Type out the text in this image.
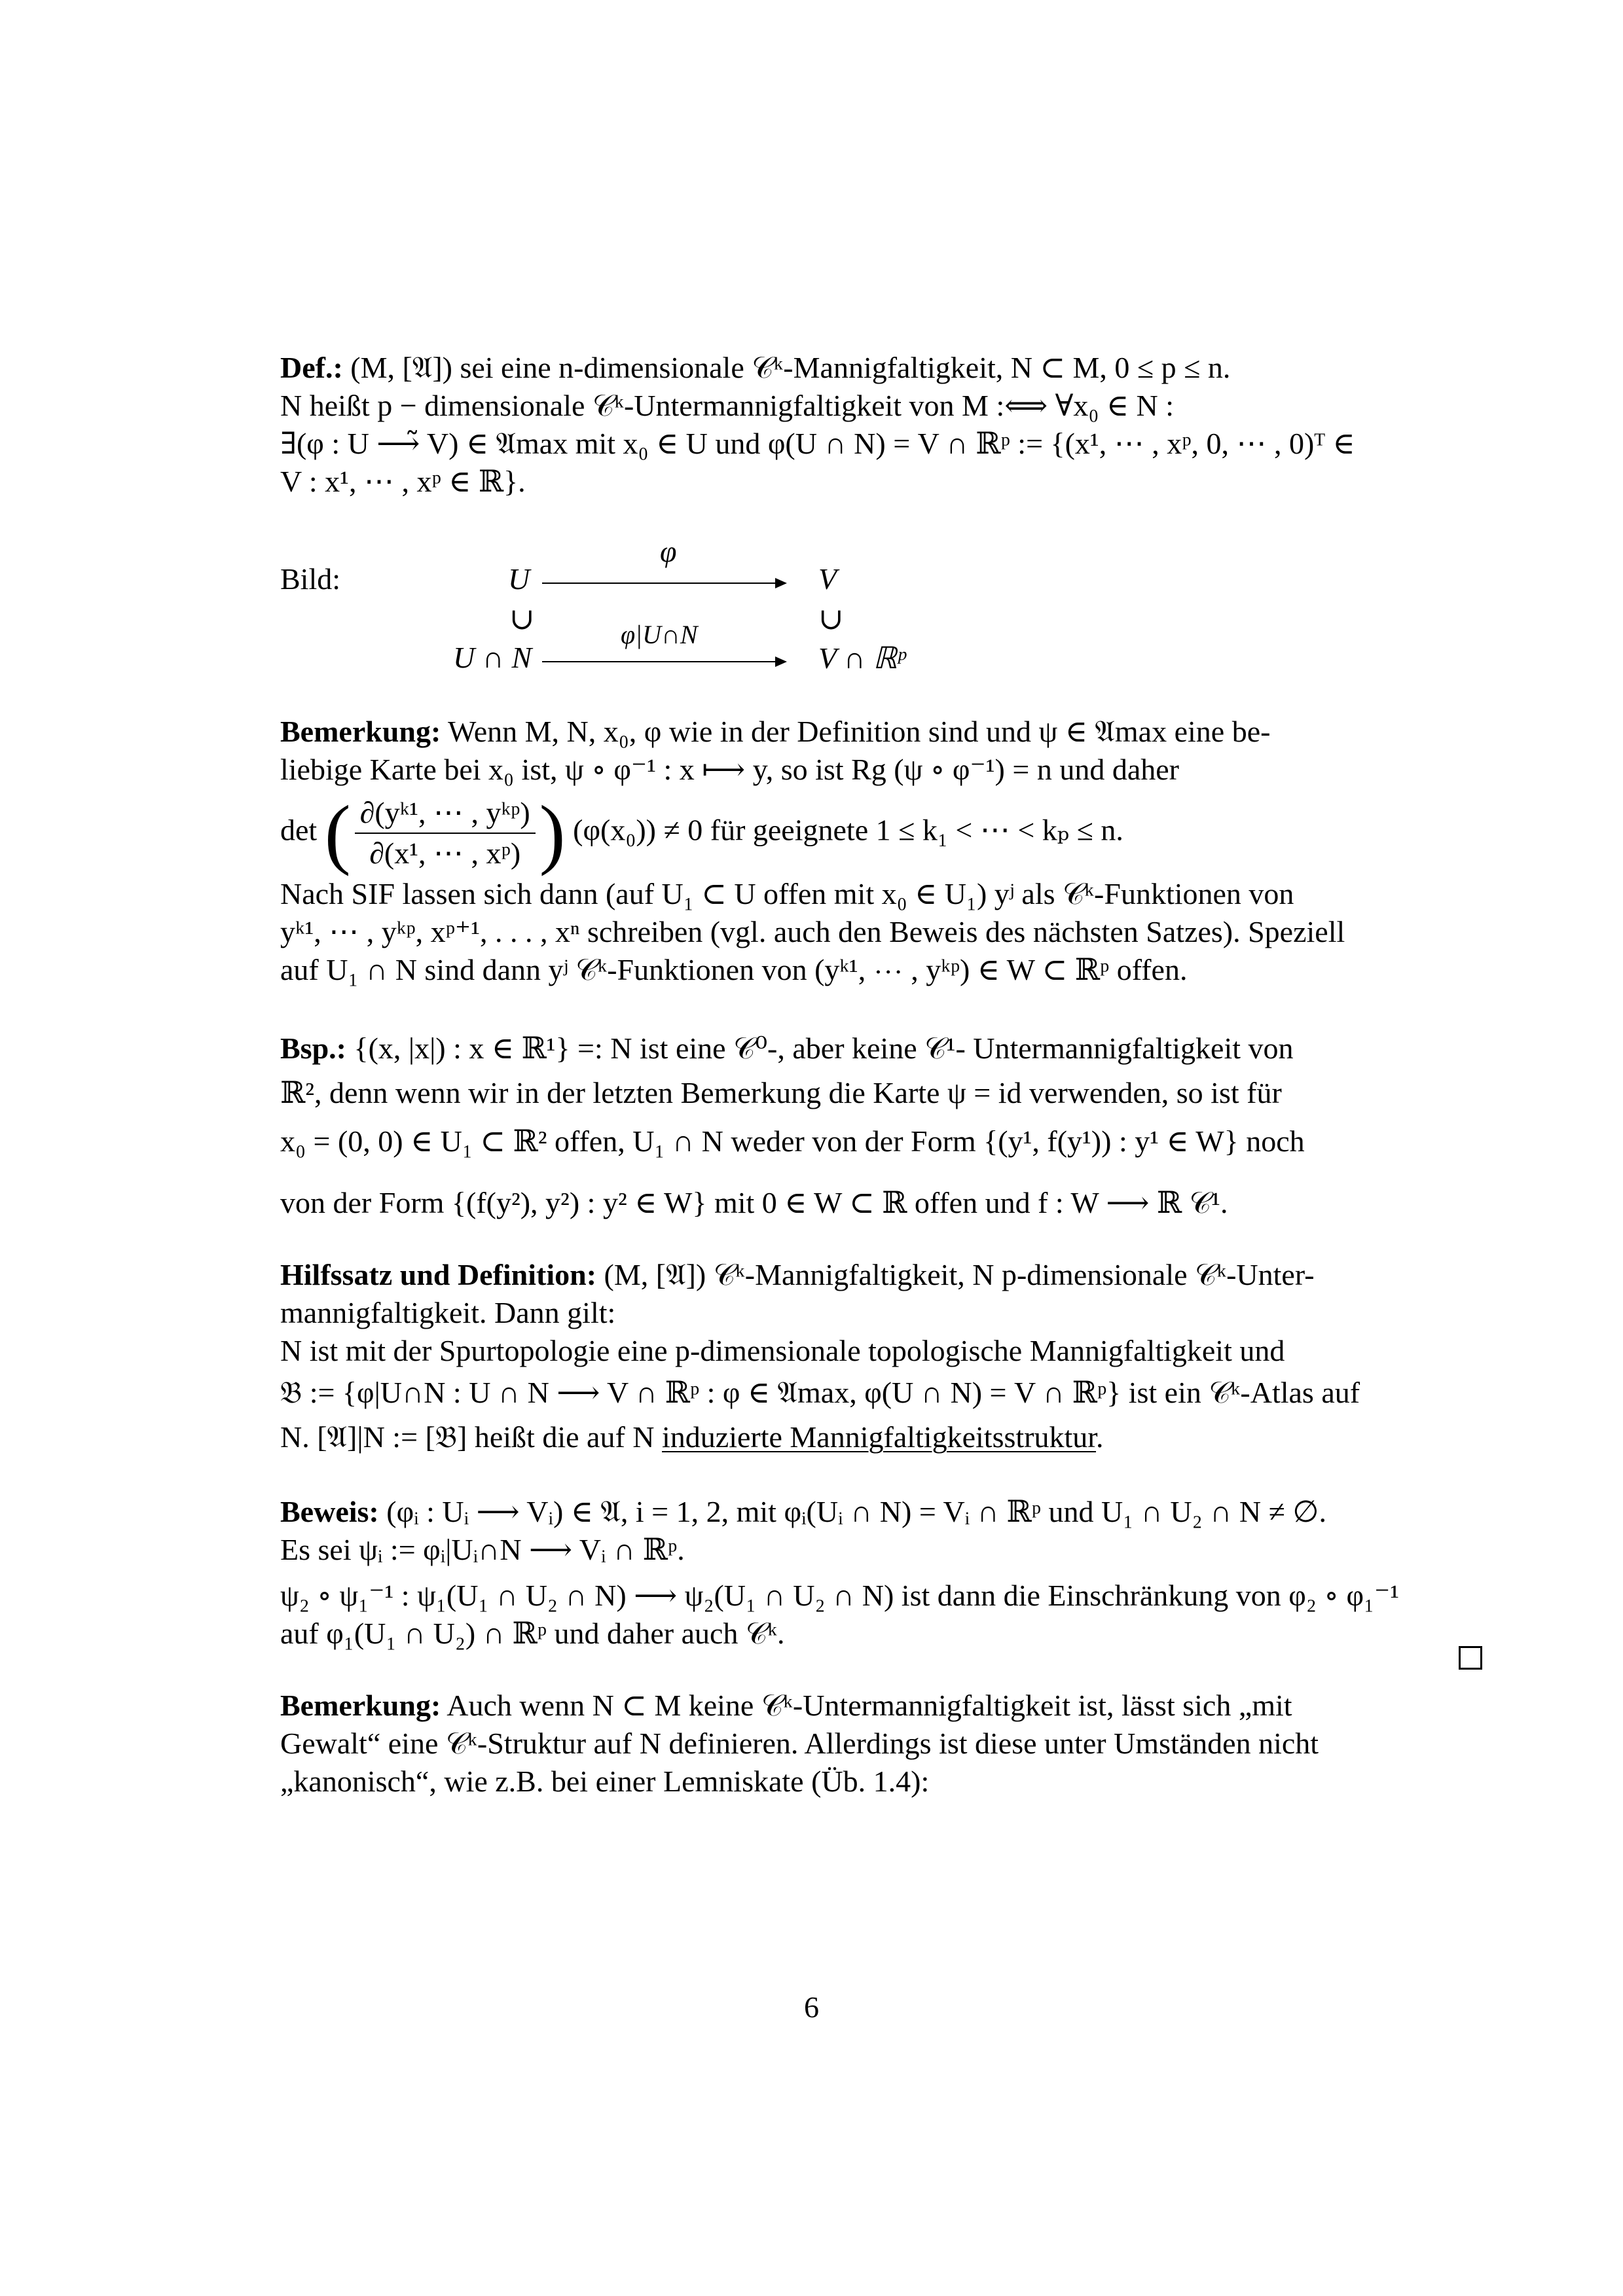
Def.: (M, [𝔄]) sei eine n-dimensionale 𝒞ᵏ-Mannigfaltigkeit, N ⊂ M, 0 ≤ p ≤ n.
N heißt p − dimensionale 𝒞ᵏ-Untermannigfaltigkeit von M :⟺ ∀x₀ ∈ N :
∃(φ : U ⟶̃ V) ∈ 𝔄max mit x₀ ∈ U und φ(U ∩ N) = V ∩ ℝᵖ := {(x¹, ⋯ , xᵖ, 0, ⋯ , 0)ᵀ ∈
V : x¹, ⋯ , xᵖ ∈ ℝ}.
Bild:	U
φ
V
∪	∪
U ∩ N
φ|U∩N
V ∩ ℝᵖ
Bemerkung: Wenn M, N, x₀, φ wie in der Definition sind und ψ ∈ 𝔄max eine be-
liebige Karte bei x₀ ist, ψ ∘ φ⁻¹ : x ⟼ y, so ist Rg (ψ ∘ φ⁻¹) = n und daher
det ( $\frac{\text{∂(yᵏ¹, ⋯ , yᵏᵖ)}}{\text{∂(x¹, ⋯ , xᵖ)}}$ ) (φ(x₀)) ≠ 0 für geeignete 1 ≤ k₁ < ⋯ < kₚ ≤ n.
Nach SIF lassen sich dann (auf U₁ ⊂ U offen mit x₀ ∈ U₁) yʲ als 𝒞ᵏ-Funktionen von
yᵏ¹, ⋯ , yᵏᵖ, xᵖ⁺¹, . . . , xⁿ schreiben (vgl. auch den Beweis des nächsten Satzes). Speziell
auf U₁ ∩ N sind dann yʲ 𝒞ᵏ-Funktionen von (yᵏ¹, ⋯ , yᵏᵖ) ∈ W ⊂ ℝᵖ offen.
Bsp.: {(x, |x|) : x ∈ ℝ¹} =: N ist eine 𝒞⁰-, aber keine 𝒞¹- Untermannigfaltigkeit von
ℝ², denn wenn wir in der letzten Bemerkung die Karte ψ = id verwenden, so ist für
x₀ = (0, 0) ∈ U₁ ⊂ ℝ² offen, U₁ ∩ N weder von der Form {(y¹, f(y¹)) : y¹ ∈ W} noch
von der Form {(f(y²), y²) : y² ∈ W} mit 0 ∈ W ⊂ ℝ offen und f : W ⟶ ℝ 𝒞¹.
Hilfssatz und Definition: (M, [𝔄]) 𝒞ᵏ-Mannigfaltigkeit, N p-dimensionale 𝒞ᵏ-Unter-
mannigfaltigkeit. Dann gilt:
N ist mit der Spurtopologie eine p-dimensionale topologische Mannigfaltigkeit und
𝔅 := {φ|U∩N : U ∩ N ⟶ V ∩ ℝᵖ : φ ∈ 𝔄max, φ(U ∩ N) = V ∩ ℝᵖ} ist ein 𝒞ᵏ-Atlas auf
N. [𝔄]|N := [𝔅] heißt die auf N induzierte Mannigfaltigkeitsstruktur.
Beweis: (φᵢ : Uᵢ ⟶ Vᵢ) ∈ 𝔄, i = 1, 2, mit φᵢ(Uᵢ ∩ N) = Vᵢ ∩ ℝᵖ und U₁ ∩ U₂ ∩ N ≠ ∅.
Es sei ψᵢ := φᵢ|Uᵢ∩N ⟶ Vᵢ ∩ ℝᵖ.
ψ₂ ∘ ψ₁⁻¹ : ψ₁(U₁ ∩ U₂ ∩ N) ⟶ ψ₂(U₁ ∩ U₂ ∩ N) ist dann die Einschränkung von φ₂ ∘ φ₁⁻¹
auf φ₁(U₁ ∩ U₂) ∩ ℝᵖ und daher auch 𝒞ᵏ.
Bemerkung: Auch wenn N ⊂ M keine 𝒞ᵏ-Untermannigfaltigkeit ist, lässt sich „mit
Gewalt“ eine 𝒞ᵏ-Struktur auf N definieren. Allerdings ist diese unter Umständen nicht
„kanonisch“, wie z.B. bei einer Lemniskate (Üb. 1.4):
6
